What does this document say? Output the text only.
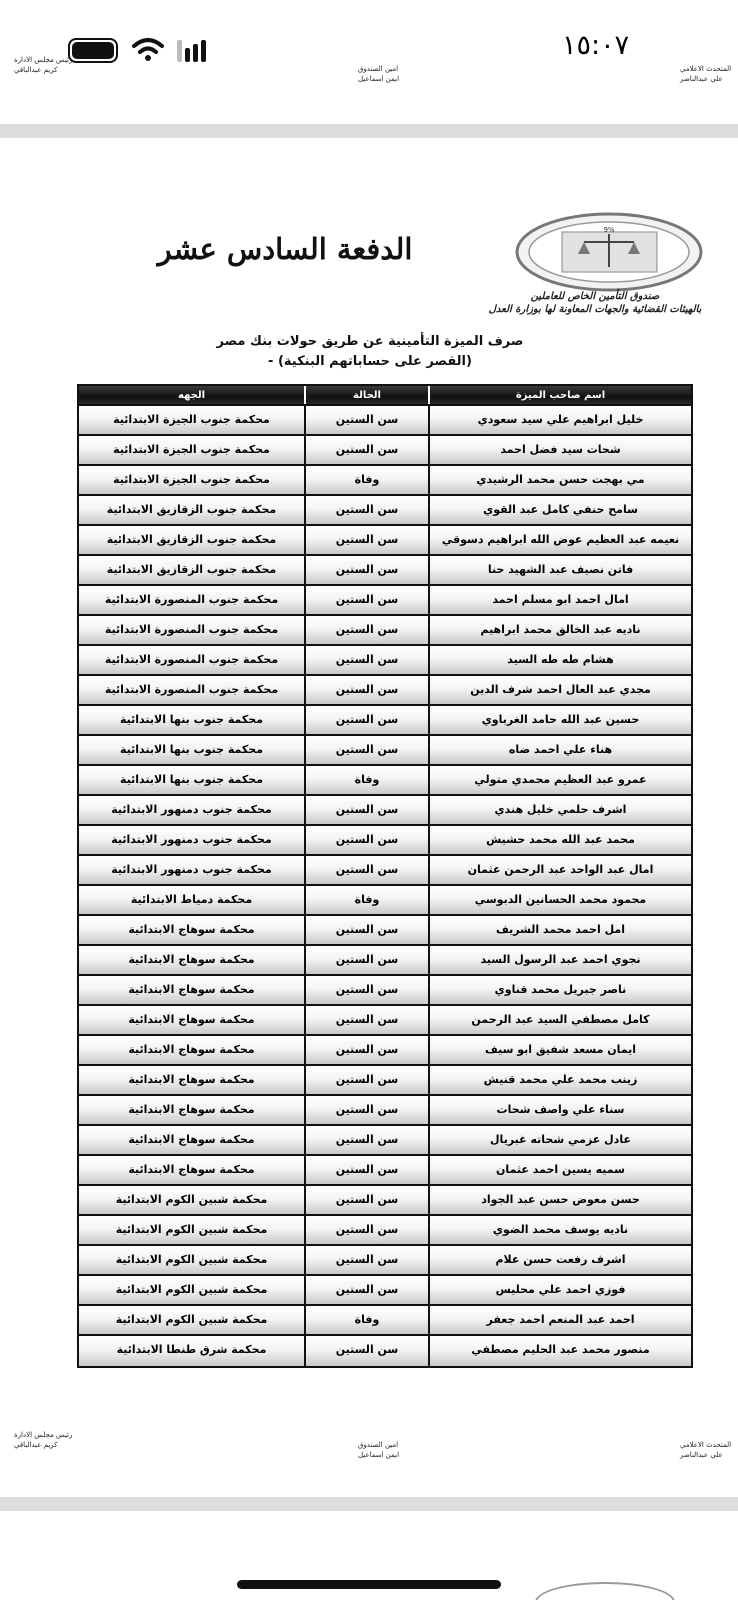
١٥:٠٧
رئيس مجلس الادارة
كريم عبدالباقي	امين الصندوق
ايمن اسماعيل
المتحدث الاعلامي
علي عبدالناصر
9%
صندوق التأمين الخاص للعاملين
بالهيئات القضائية والجهات المعاونة لها بوزارة العدل
الدفعة السادس عشر
صرف الميزة التأمينية عن طريق حولات بنك مصر
- (القصر على حساباتهم البنكية)
اسم صاحب الميزة
الحالة
الجهه
خليل ابراهيم علي سيد سعودي
سن الستين
محكمة جنوب الجيزة الابتدائية
شحات سيد فضل احمد
سن الستين
محكمة جنوب الجيزة الابتدائية
مي بهجت حسن محمد الرشيدي
وفاة
محكمة جنوب الجيزة الابتدائية
سامح حنفي كامل عبد القوي
سن الستين
محكمة جنوب الزقازيق الابتدائية
نعيمه عبد العظيم عوض الله ابراهيم دسوقي
سن الستين
محكمة جنوب الزقازيق الابتدائية
فاتن نصيف عبد الشهيد حنا
سن الستين
محكمة جنوب الزقازيق الابتدائية
امال احمد ابو مسلم احمد
سن الستين
محكمة جنوب المنصورة الابتدائية
ناديه عبد الخالق محمد ابراهيم
سن الستين
محكمة جنوب المنصورة الابتدائية
هشام طه طه السيد
سن الستين
محكمة جنوب المنصورة الابتدائية
مجدي عبد العال احمد شرف الدين
سن الستين
محكمة جنوب المنصورة الابتدائية
حسين عبد الله حامد الغرباوي
سن الستين
محكمة جنوب بنها الابتدائية
هناء علي احمد ضاه
سن الستين
محكمة جنوب بنها الابتدائية
عمرو عبد العظيم محمدي متولي
وفاة
محكمة جنوب بنها الابتدائية
اشرف حلمي خليل هندي
سن الستين
محكمة جنوب دمنهور الابتدائية
محمد عبد الله محمد حشيش
سن الستين
محكمة جنوب دمنهور الابتدائية
امال عبد الواحد عبد الرحمن عثمان
سن الستين
محكمة جنوب دمنهور الابتدائية
محمود محمد الحسانين الدبوسي
وفاة
محكمة دمياط الابتدائية
امل احمد محمد الشريف
سن الستين
محكمة سوهاج الابتدائية
نجوي احمد عبد الرسول السيد
سن الستين
محكمة سوهاج الابتدائية
ناصر جبريل محمد قناوي
سن الستين
محكمة سوهاج الابتدائية
كامل مصطفي السيد عبد الرحمن
سن الستين
محكمة سوهاج الابتدائية
ايمان مسعد شفيق ابو سيف
سن الستين
محكمة سوهاج الابتدائية
زينب محمد علي محمد قنيش
سن الستين
محكمة سوهاج الابتدائية
سناء علي واصف شحات
سن الستين
محكمة سوهاج الابتدائية
عادل عزمي شحاته غبريال
سن الستين
محكمة سوهاج الابتدائية
سميه يسين احمد عثمان
سن الستين
محكمة سوهاج الابتدائية
حسن معوض حسن عبد الجواد
سن الستين
محكمة شبين الكوم الابتدائية
ناديه يوسف محمد الضوي
سن الستين
محكمة شبين الكوم الابتدائية
اشرف رفعت حسن علام
سن الستين
محكمة شبين الكوم الابتدائية
فوزي احمد علي محليس
سن الستين
محكمة شبين الكوم الابتدائية
احمد عبد المنعم احمد جعفر
وفاة
محكمة شبين الكوم الابتدائية
منصور محمد عبد الحليم مصطفي
سن الستين
محكمة شرق طنطا الابتدائية
رئيس مجلس الادارة
كريم عبدالباقي	امين الصندوق
ايمن اسماعيل
المتحدث الاعلامي
علي عبدالناصر
